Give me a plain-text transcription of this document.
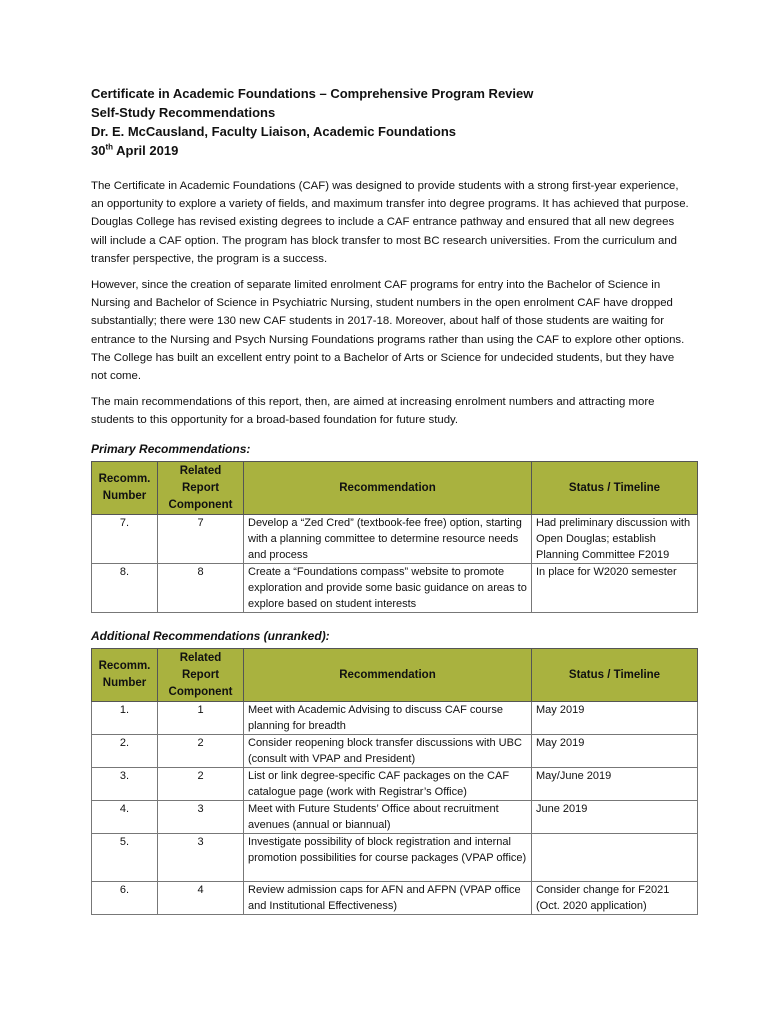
Certificate in Academic Foundations – Comprehensive Program Review
Self-Study Recommendations
Dr. E. McCausland, Faculty Liaison, Academic Foundations
30th April 2019
The Certificate in Academic Foundations (CAF) was designed to provide students with a strong first-year experience, an opportunity to explore a variety of fields, and maximum transfer into degree programs. It has achieved that purpose. Douglas College has revised existing degrees to include a CAF entrance pathway and ensured that all new degrees will include a CAF option. The program has block transfer to most BC research universities. From the curriculum and transfer perspective, the program is a success.
However, since the creation of separate limited enrolment CAF programs for entry into the Bachelor of Science in Nursing and Bachelor of Science in Psychiatric Nursing, student numbers in the open enrolment CAF have dropped substantially; there were 130 new CAF students in 2017-18. Moreover, about half of those students are waiting for entrance to the Nursing and Psych Nursing Foundations programs rather than using the CAF to explore other options. The College has built an excellent entry point to a Bachelor of Arts or Science for undecided students, but they have not come.
The main recommendations of this report, then, are aimed at increasing enrolment numbers and attracting more students to this opportunity for a broad-based foundation for future study.
Primary Recommendations:
Recomm. Number	Related Report Component	Recommendation	Status / Timeline
7.	7	Develop a “Zed Cred” (textbook-fee free) option, starting with a planning committee to determine resource needs and process	Had preliminary discussion with Open Douglas; establish Planning Committee F2019
8.	8	Create a “Foundations compass” website to promote exploration and provide some basic guidance on areas to explore based on student interests	In place for W2020 semester
Additional Recommendations (unranked):
Recomm. Number	Related Report Component	Recommendation	Status / Timeline
1.	1	Meet with Academic Advising to discuss CAF course planning for breadth	May 2019
2.	2	Consider reopening block transfer discussions with UBC (consult with VPAP and President)	May 2019
3.	2	List or link degree-specific CAF packages on the CAF catalogue page (work with Registrar’s Office)	May/June 2019
4.	3	Meet with Future Students’ Office about recruitment avenues (annual or biannual)	June 2019
5.	3	Investigate possibility of block registration and internal promotion possibilities for course packages (VPAP office)	
6.	4	Review admission caps for AFN and AFPN (VPAP office and Institutional Effectiveness)	Consider change for F2021 (Oct. 2020 application)
